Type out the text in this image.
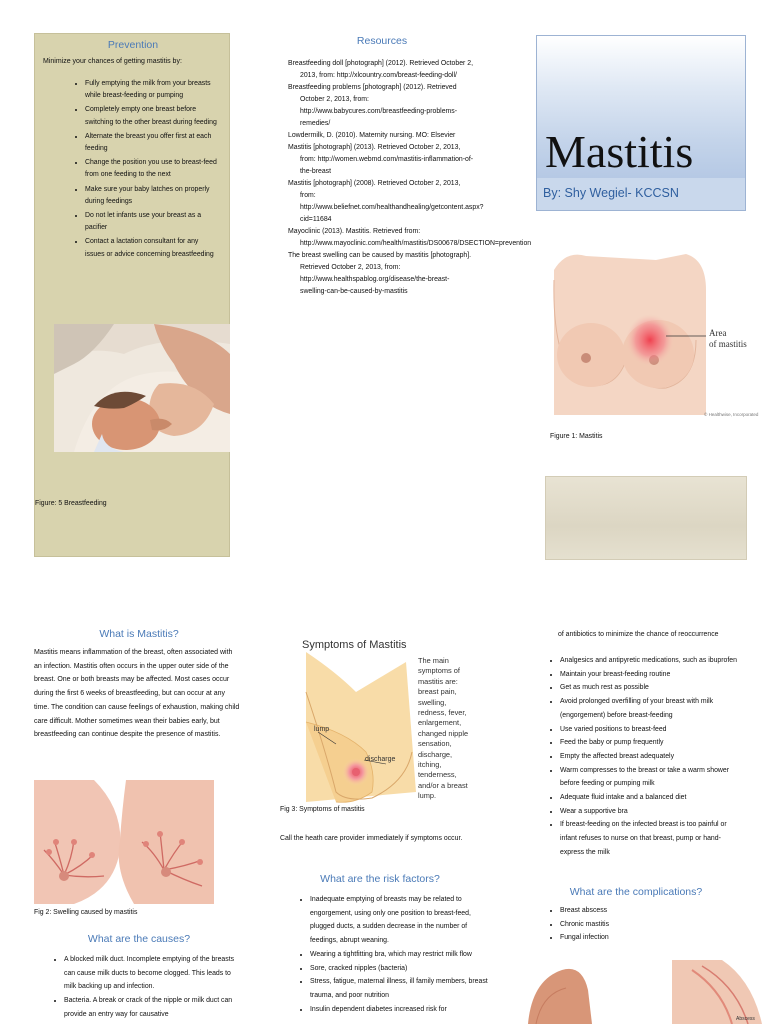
Prevention
Minimize your chances of getting mastitis by:
• Fully emptying the milk from your breasts while breast-feeding or pumping
• Completely empty one breast before switching to the other breast during feeding
• Alternate the breast you offer first at each feeding
• Change the position you use to breast-feed from one feeding to the next
• Make sure your baby latches on properly during feedings
• Do not let infants use your breast as a pacifier
• Contact a lactation consultant for any issues or advice concerning breastfeeding
Figure: 5 Breastfeeding
Resources

Breastfeeding doll [photograph] (2012). Retrieved October 2, 2013, from: http://xlcountry.com/breast-feeding-doll/

Breastfeeding problems [photograph] (2012). Retrieved October 2, 2013, from: http://www.babycures.com/breastfeeding-problems-remedies/

Lowdermilk, D. (2010). Maternity nursing. MO: Elsevier

Mastitis [photograph] (2013). Retrieved October 2, 2013, from: http://women.webmd.com/mastitis-inflammation-of-the-breast

Mastitis [photograph] (2008). Retrieved October 2, 2013, from: http://www.beliefnet.com/healthandhealing/getcontent.aspx?cid=11684

Mayoclinic (2013). Mastitis. Retrieved from: http://www.mayoclinic.com/health/mastitis/DS00678/DSECTION=prevention

The breast swelling can be caused by mastitis [photograph]. Retrieved October 2, 2013, from: http://www.healthspablog.org/disease/the-breast-swelling-can-be-caused-by-mastitis

Mastitis
By: Shy Wegiel- KCCSN
Area of mastitis
© Healthwise, Incorporated
Figure 1: Mastitis
What is Mastitis?
Mastitis means inflammation of the breast, often associated with an infection. Mastitis often occurs in the upper outer side of the breast. One or both breasts may be affected. Most cases occur during the first 6 weeks of breastfeeding, but can occur at any time. The condition can cause feelings of exhaustion, making child care difficult. Mother sometimes wean their babies early, but breastfeeding can continue despite the presence of mastitis.
Fig 2: Swelling caused by mastitis
What are the causes?
• A blocked milk duct. Incomplete emptying of the breasts can cause milk ducts to become clogged. This leads to milk backing up and infection.
• Bacteria. A break or crack of the nipple or milk duct can provide an entry way for causative
Symptoms of Mastitis
The main symptoms of mastitis are: breast pain, swelling, redness, fever, enlargement, changed nipple sensation, discharge, itching, tenderness, and/or a breast lump.
lump
discharge
Fig 3: Symptoms of mastitis
Call the heath care provider immediately if symptoms occur.
What are the risk factors?
• Inadequate emptying of breasts may be related to engorgement, using only one position to breast-feed, plugged ducts, a sudden decrease in the number of feedings, abrupt weaning.
• Wearing a tightfitting bra, which may restrict milk flow
• Sore, cracked nipples (bacteria)
• Stress, fatigue, maternal illness, ill family members, breast trauma, and poor nutrition
• Insulin dependent diabetes increased risk for
of antibiotics to minimize the chance of reoccurrence
• Analgesics and antipyretic medications, such as ibuprofen
• Maintain your breast-feeding routine
• Get as much rest as possible
• Avoid prolonged overfilling of your breast with milk (engorgement) before breast-feeding
• Use varied positions to breast-feed
• Feed the baby or pump frequently
• Empty the affected breast adequately
• Warm compresses to the breast or take a warm shower before feeding or pumping milk
• Adequate fluid intake and a balanced diet
• Wear a supportive bra
• If breast-feeding on the infected breast is too painful or infant refuses to nurse on that breast, pump or hand-express the milk
What are the complications?
• Breast abscess
• Chronic mastitis
• Fungal infection
Abscess
